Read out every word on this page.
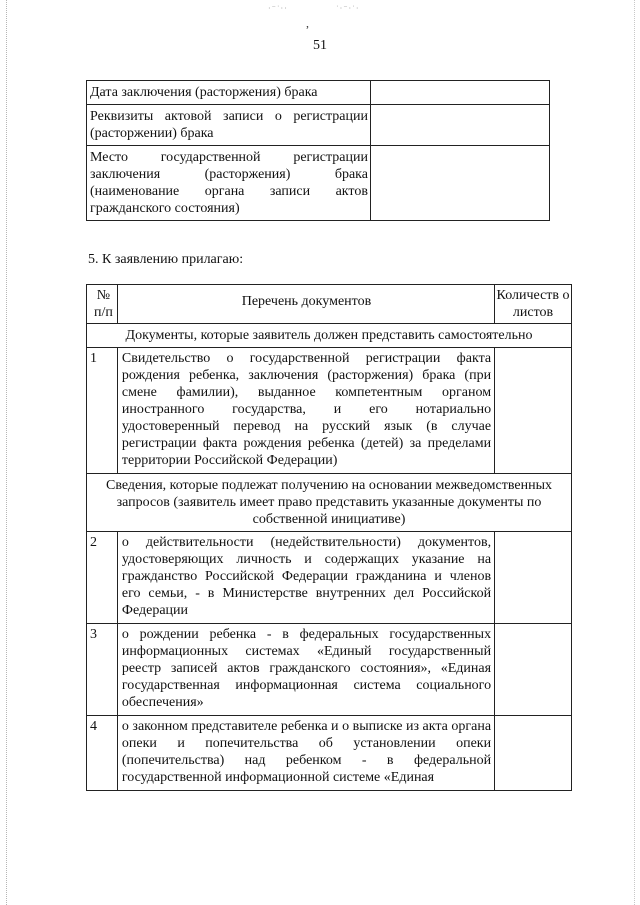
·⁻˙··	˙·⁻·˙·
,
51
Дата заключения (расторжения) брака	

Реквизиты актовой записи о регистрации (расторжении) брака	

Место государственной регистрации заключения (расторжения) брака (наименование органа записи актов гражданского состояния)	

5. К заявлению прилагаю:
№ п/п	Перечень документов	Количеств о листов

Документы, которые заявитель должен представить самостоятельно		
1	Свидетельство о государственной регистрации факта рождения ребенка, заключения (расторжения) брака (при смене фамилии), выданное компетентным органом иностранного государства, и его нотариально удостоверенный перевод на русский язык (в случае регистрации факта рождения ребенка (детей) за пределами территории Российской Федерации)	
Сведения, которые подлежат получению на основании межведомственных запросов (заявитель имеет право представить указанные документы по собственной инициативе)		
2	о действительности (недействительности) документов, удостоверяющих личность и содержащих указание на гражданство Российской Федерации гражданина и членов его семьи, - в Министерстве внутренних дел Российской Федерации	
3	о рождении ребенка - в федеральных государственных информационных системах «Единый государственный реестр записей актов гражданского состояния», «Единая государственная информационная система социального обеспечения»	
4	о законном представителе ребенка и о выписке из акта органа опеки и попечительства об установлении опеки (попечительства) над ребенком - в федеральной государственной информационной системе «Единая	
